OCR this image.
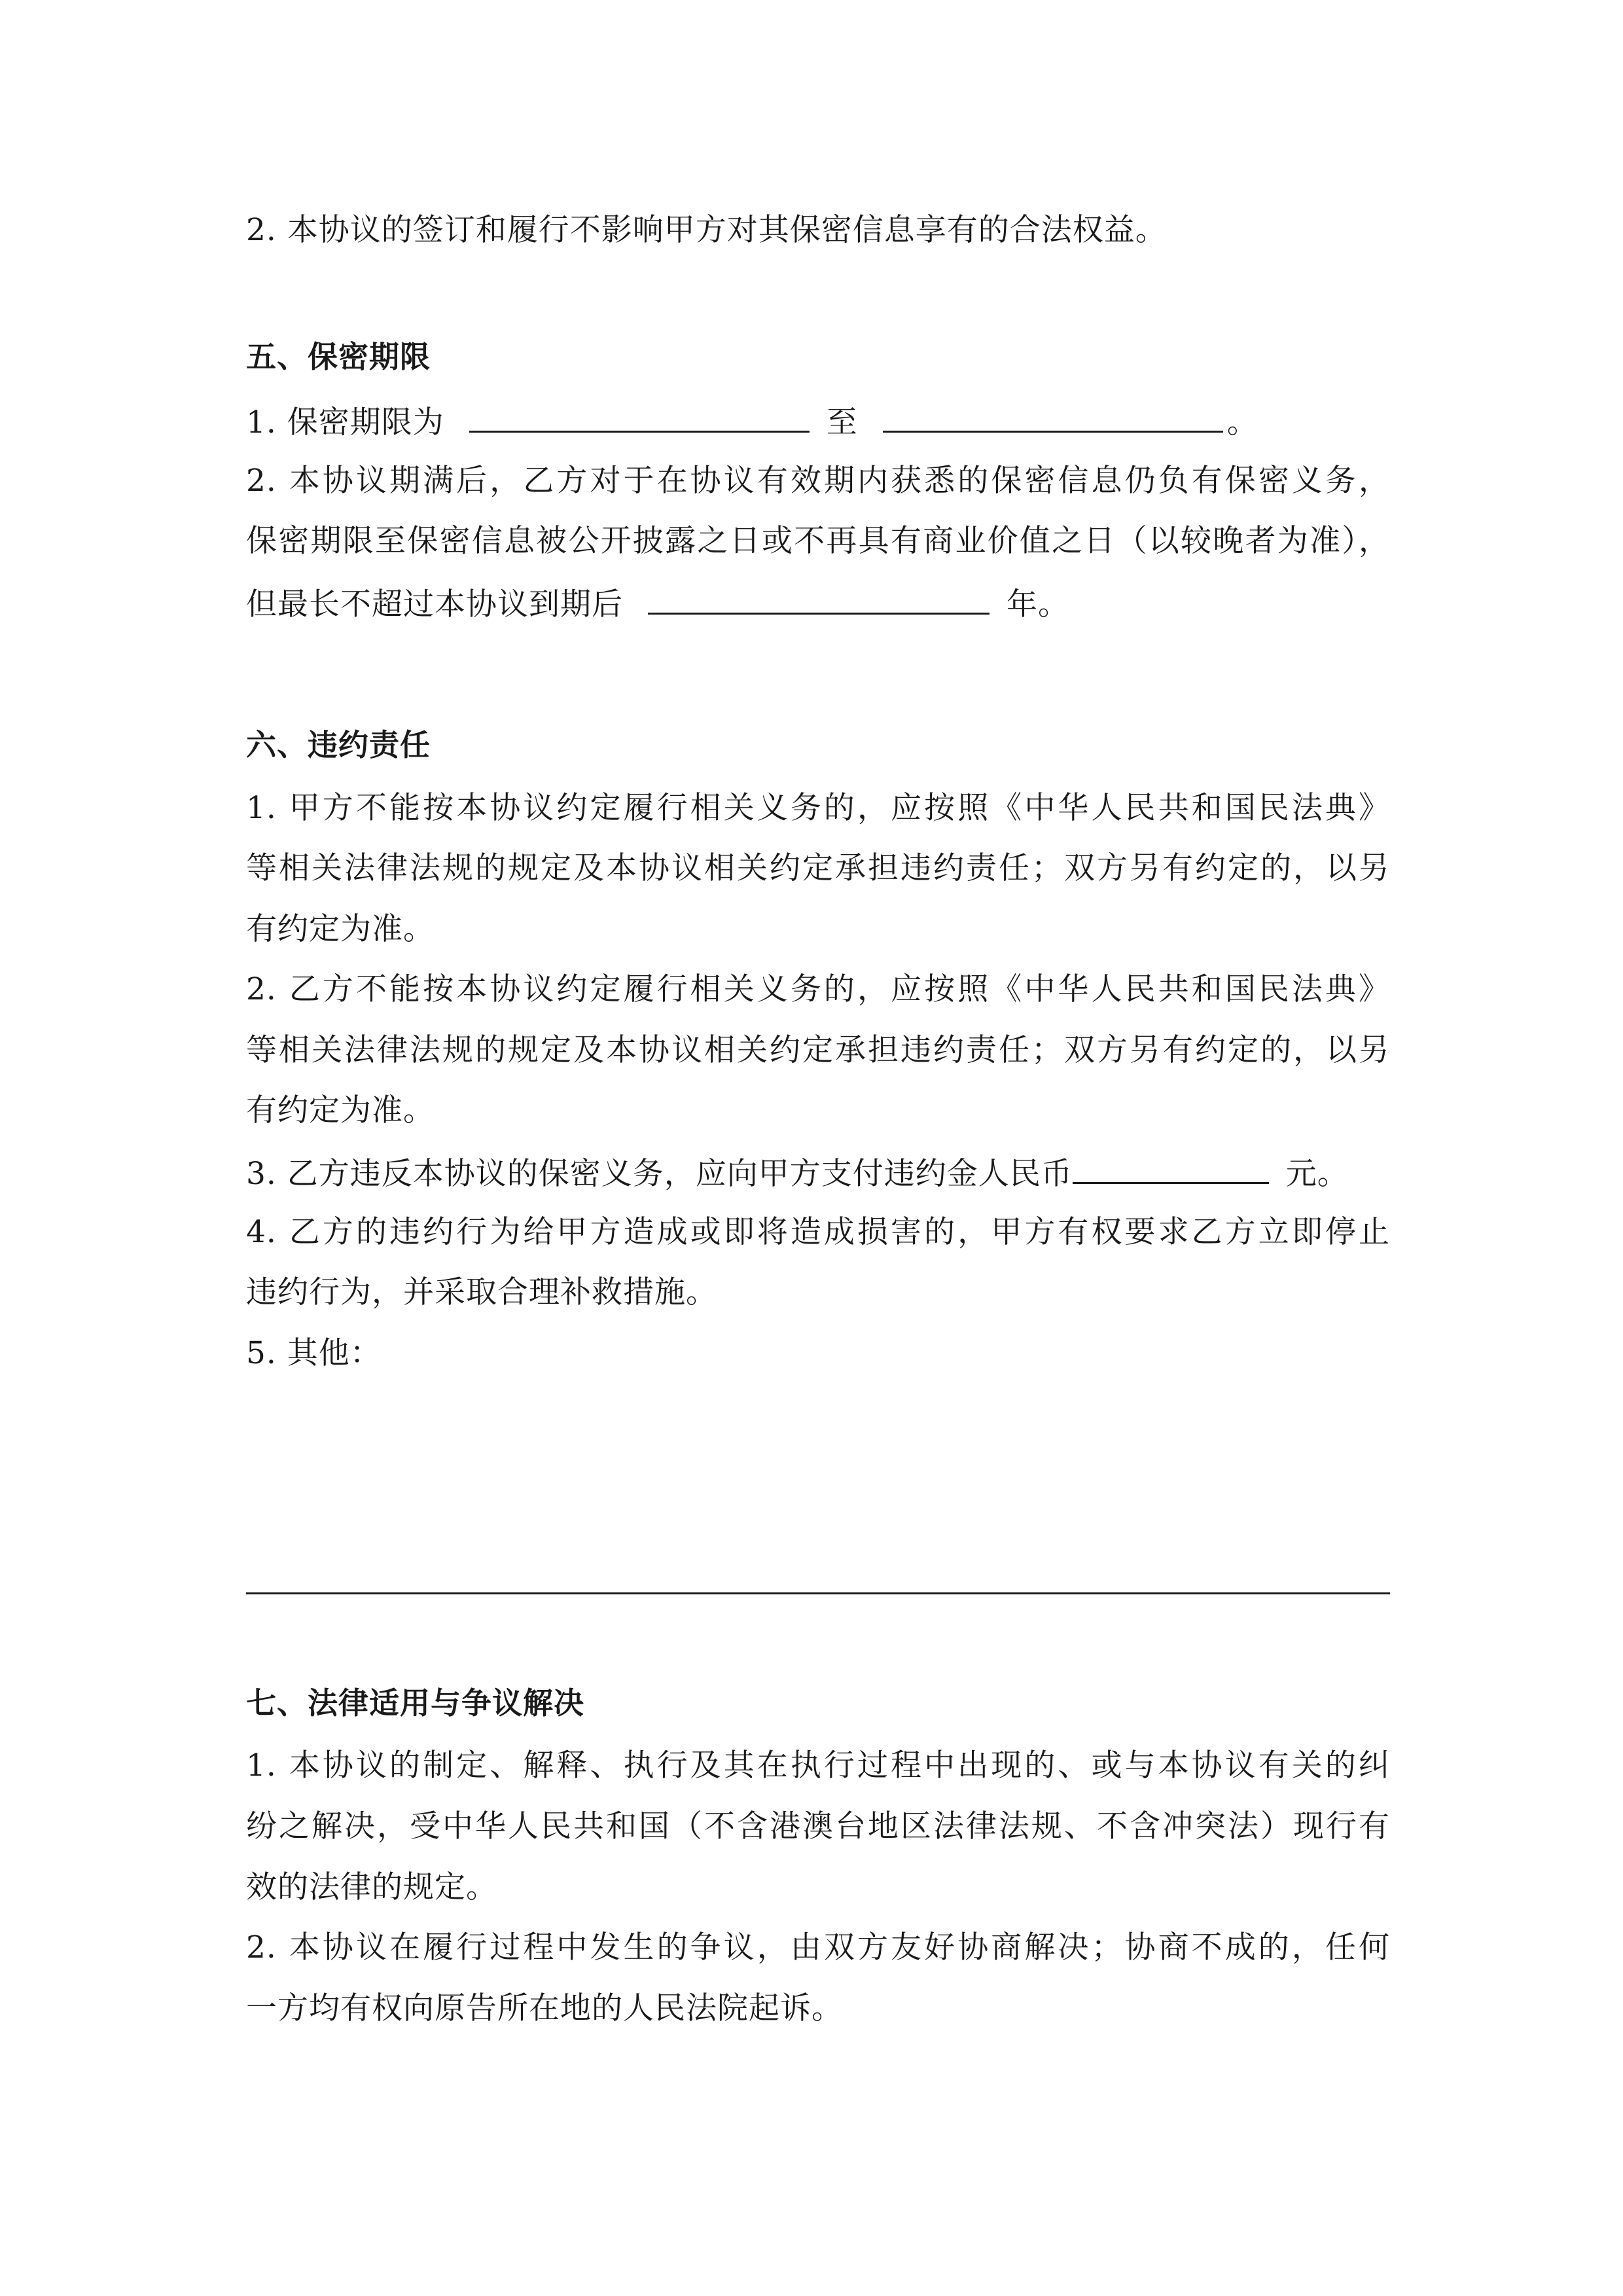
2. 本协议的签订和履行不影响甲方对其保密信息享有的合法权益。
五、保密期限
1. 保密期限为	至	。
2. 本协议期满后，乙方对于在协议有效期内获悉的保密信息仍负有保密义务，
保密期限至保密信息被公开披露之日或不再具有商业价值之日（以较晚者为准），
但最长不超过本协议到期后	年。
六、违约责任
1. 甲方不能按本协议约定履行相关义务的，应按照《中华人民共和国民法典》
等相关法律法规的规定及本协议相关约定承担违约责任；双方另有约定的，以另
有约定为准。
2. 乙方不能按本协议约定履行相关义务的，应按照《中华人民共和国民法典》
等相关法律法规的规定及本协议相关约定承担违约责任；双方另有约定的，以另
有约定为准。
3. 乙方违反本协议的保密义务，应向甲方支付违约金人民币	元。
4. 乙方的违约行为给甲方造成或即将造成损害的，甲方有权要求乙方立即停止
违约行为，并采取合理补救措施。
5. 其他：
七、法律适用与争议解决
1. 本协议的制定、解释、执行及其在执行过程中出现的、或与本协议有关的纠
纷之解决，受中华人民共和国（不含港澳台地区法律法规、不含冲突法）现行有
效的法律的规定。
2. 本协议在履行过程中发生的争议，由双方友好协商解决；协商不成的，任何
一方均有权向原告所在地的人民法院起诉。
